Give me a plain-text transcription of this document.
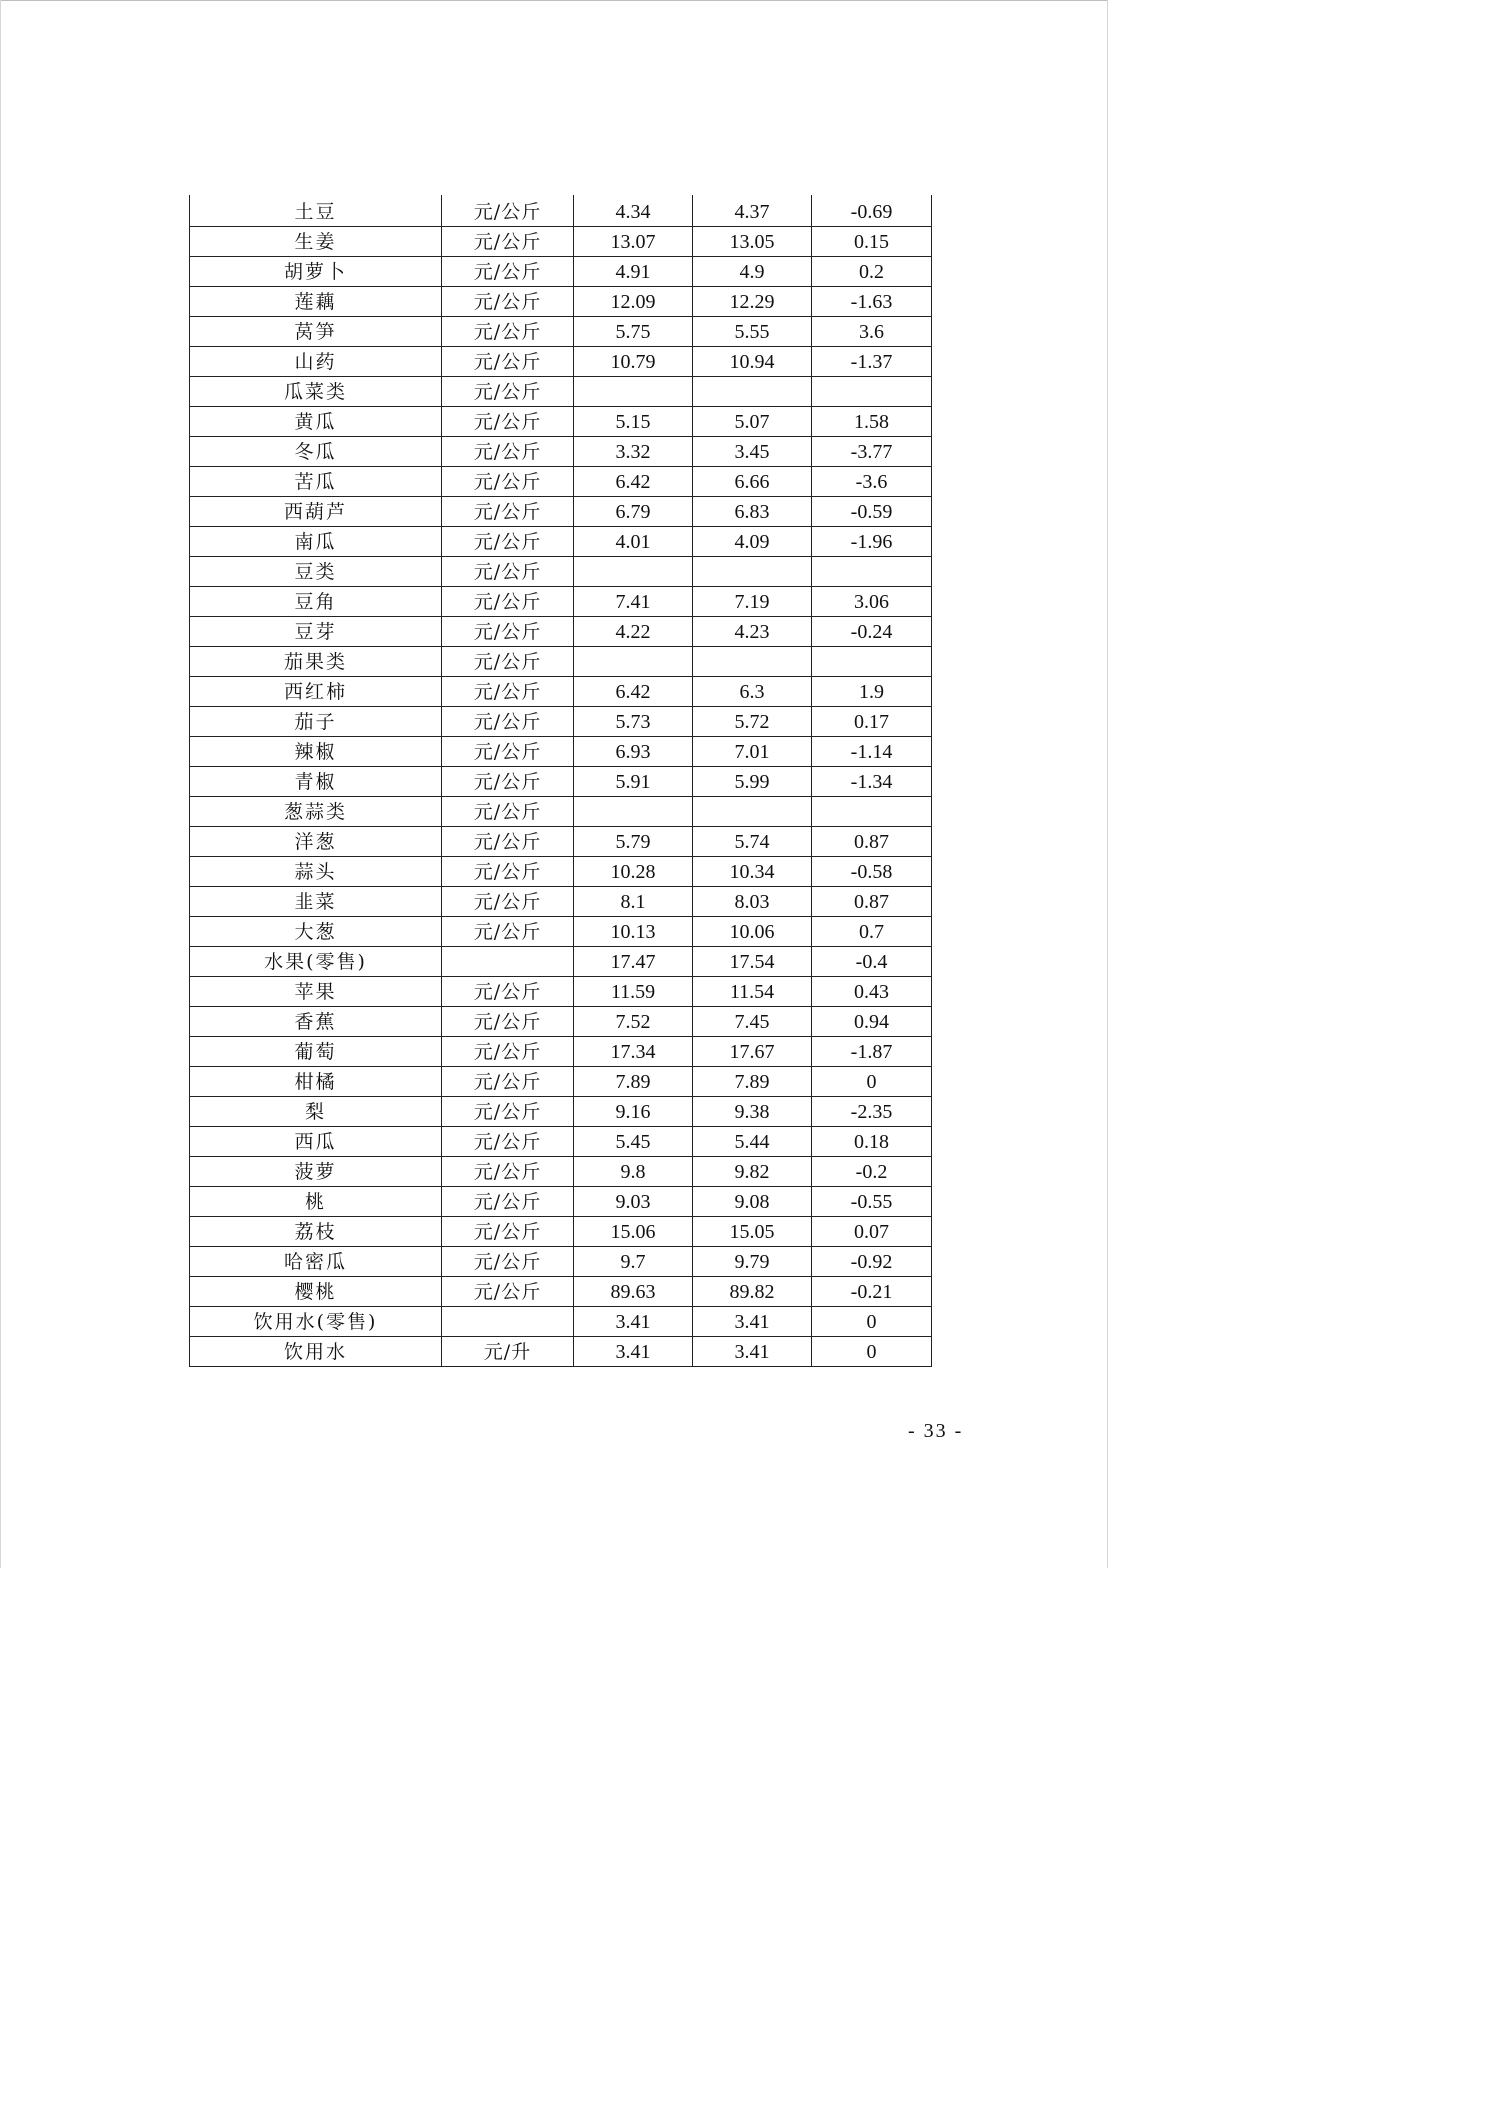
土豆	元/公斤	4.34	4.37	-0.69
生姜	元/公斤	13.07	13.05	0.15
胡萝卜	元/公斤	4.91	4.9	0.2
莲藕	元/公斤	12.09	12.29	-1.63
莴笋	元/公斤	5.75	5.55	3.6
山药	元/公斤	10.79	10.94	-1.37
瓜菜类	元/公斤			
黄瓜	元/公斤	5.15	5.07	1.58
冬瓜	元/公斤	3.32	3.45	-3.77
苦瓜	元/公斤	6.42	6.66	-3.6
西葫芦	元/公斤	6.79	6.83	-0.59
南瓜	元/公斤	4.01	4.09	-1.96
豆类	元/公斤			
豆角	元/公斤	7.41	7.19	3.06
豆芽	元/公斤	4.22	4.23	-0.24
茄果类	元/公斤			
西红柿	元/公斤	6.42	6.3	1.9
茄子	元/公斤	5.73	5.72	0.17
辣椒	元/公斤	6.93	7.01	-1.14
青椒	元/公斤	5.91	5.99	-1.34
葱蒜类	元/公斤			
洋葱	元/公斤	5.79	5.74	0.87
蒜头	元/公斤	10.28	10.34	-0.58
韭菜	元/公斤	8.1	8.03	0.87
大葱	元/公斤	10.13	10.06	0.7
水果(零售)		17.47	17.54	-0.4
苹果	元/公斤	11.59	11.54	0.43
香蕉	元/公斤	7.52	7.45	0.94
葡萄	元/公斤	17.34	17.67	-1.87
柑橘	元/公斤	7.89	7.89	0
梨	元/公斤	9.16	9.38	-2.35
西瓜	元/公斤	5.45	5.44	0.18
菠萝	元/公斤	9.8	9.82	-0.2
桃	元/公斤	9.03	9.08	-0.55
荔枝	元/公斤	15.06	15.05	0.07
哈密瓜	元/公斤	9.7	9.79	-0.92
樱桃	元/公斤	89.63	89.82	-0.21
饮用水(零售)		3.41	3.41	0
饮用水	元/升	3.41	3.41	0
- 33 -
